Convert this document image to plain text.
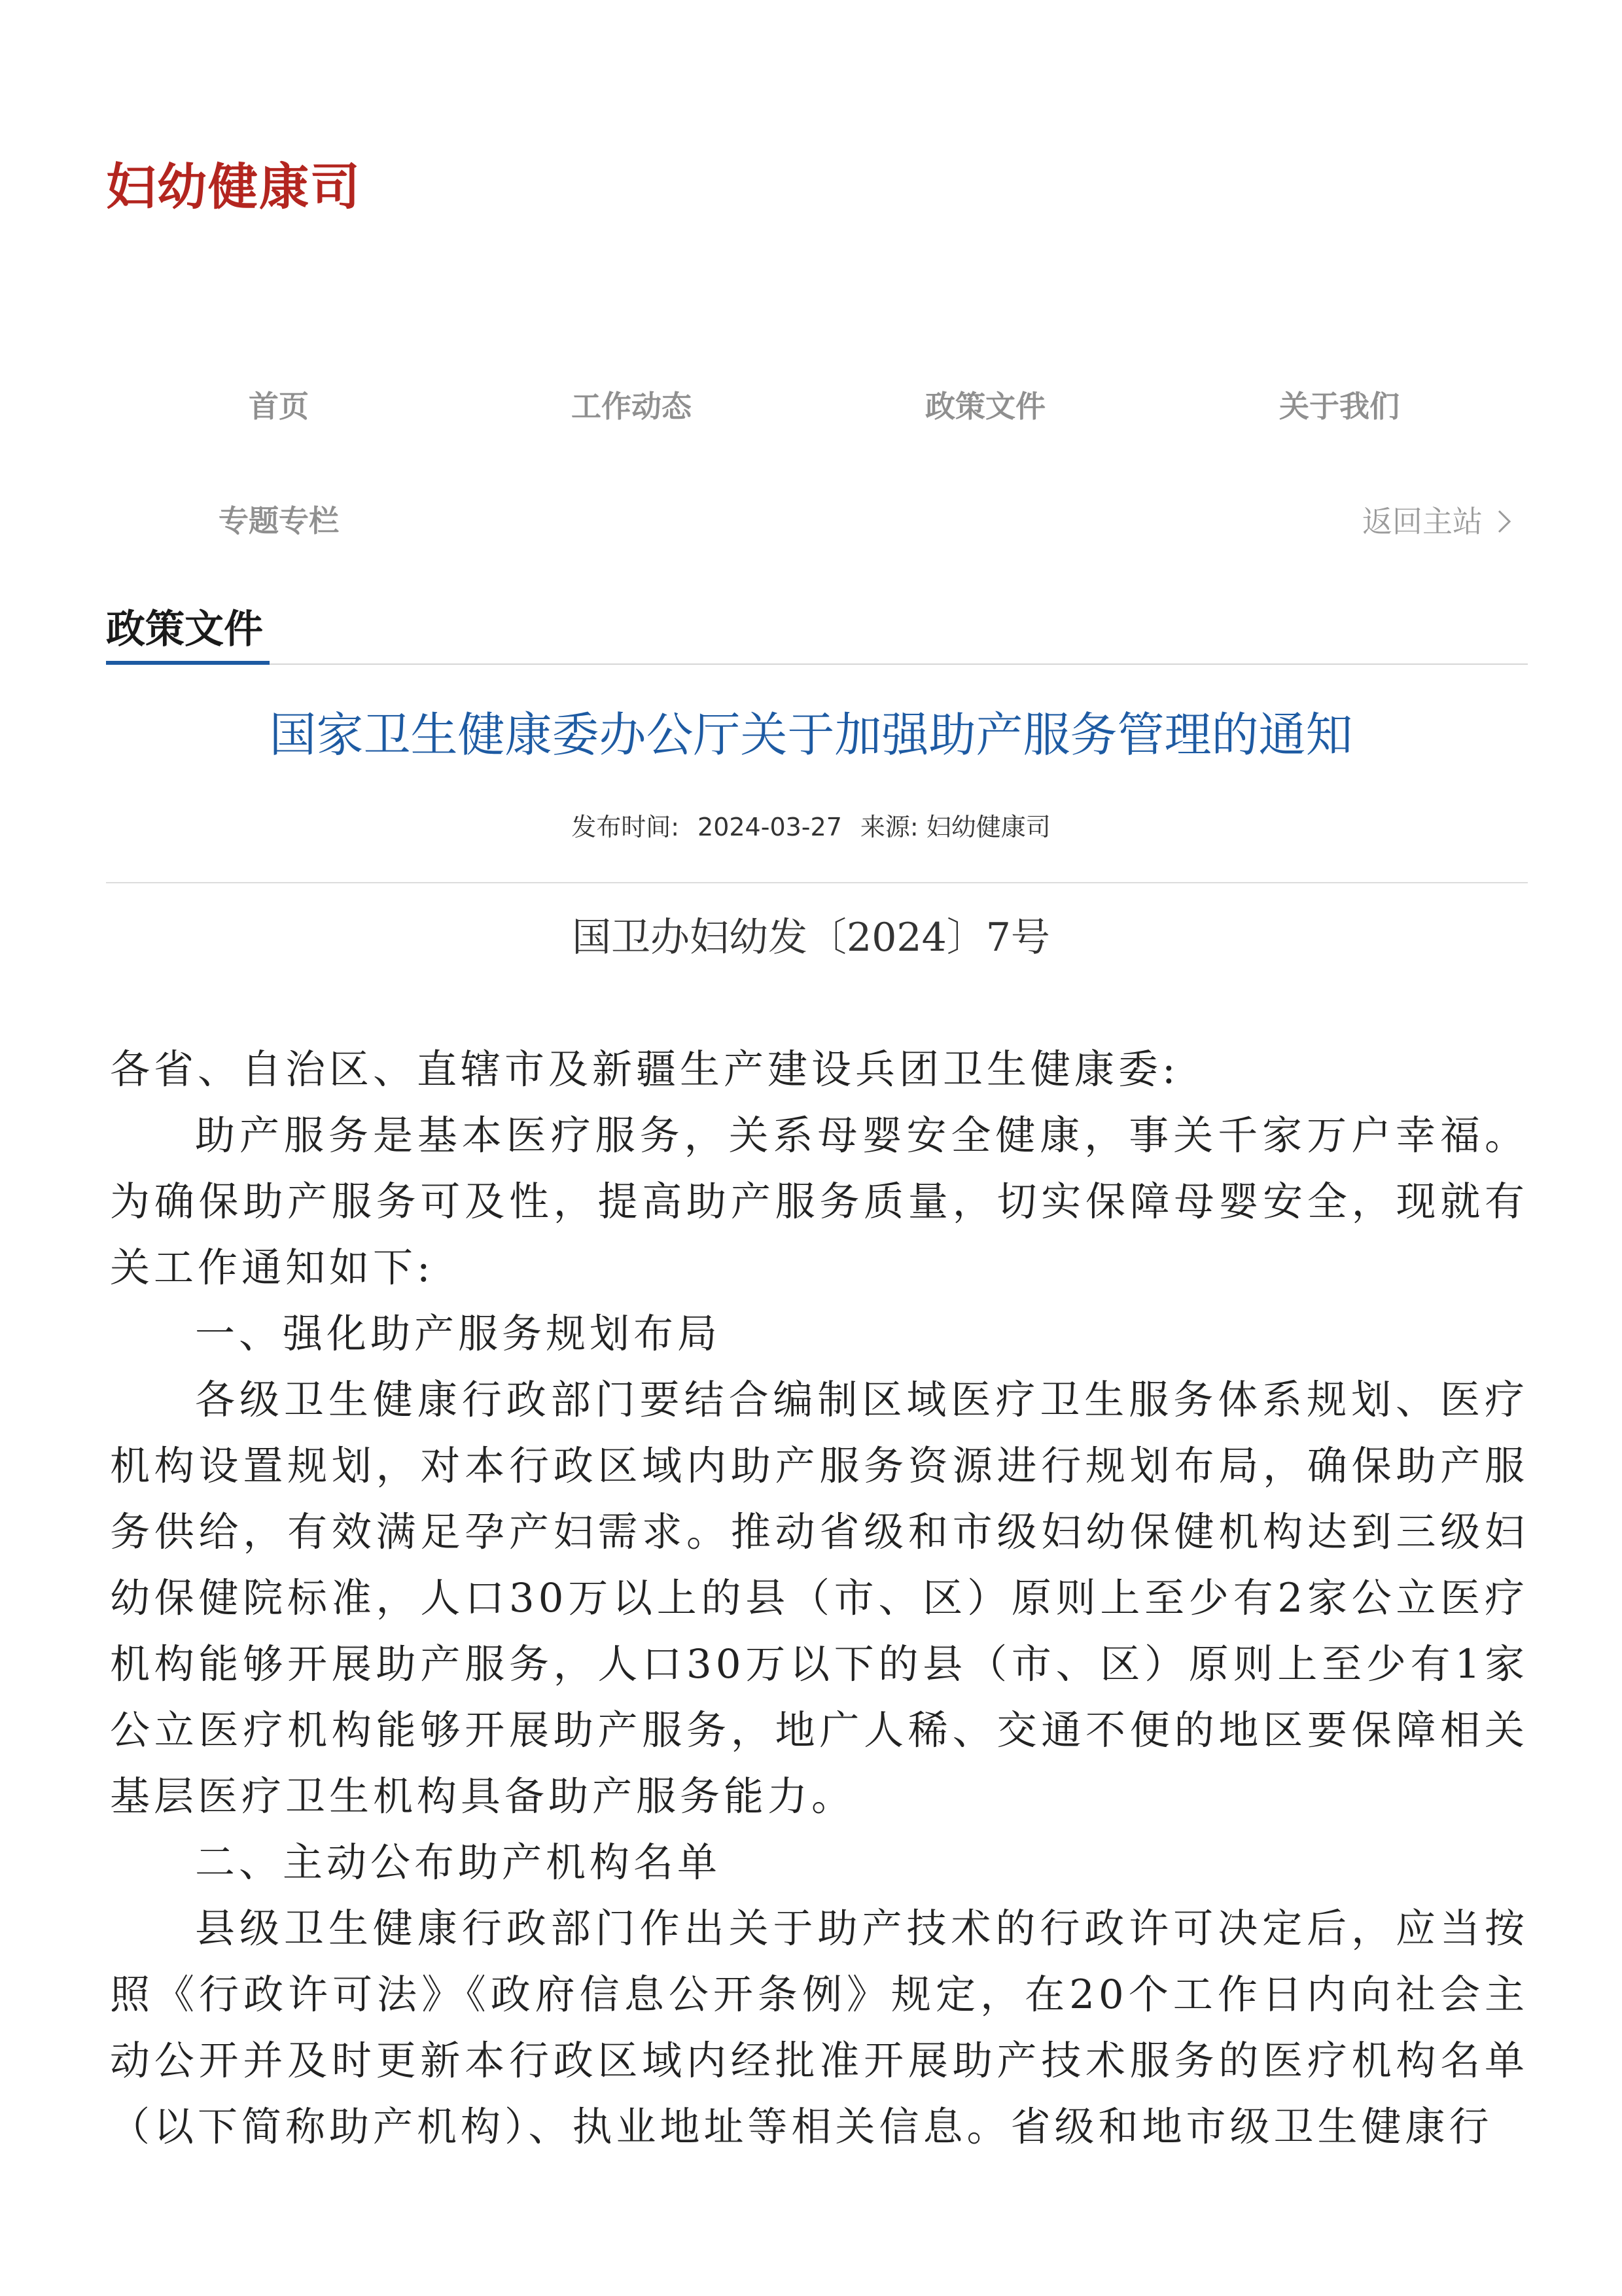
妇幼健康司
首页	工作动态	政策文件	关于我们
专题专栏	返回主站
政策文件
国家卫生健康委办公厅关于加强助产服务管理的通知
发布时间: 2024-03-27 来源: 妇幼健康司
国卫办妇幼发〔2024〕7号

各省、自治区、直辖市及新疆生产建设兵团卫生健康委:

助产服务是基本医疗服务，关系母婴安全健康，事关千家万户幸福。为确保助产服务可及性，提高助产服务质量，切实保障母婴安全，现就有关工作通知如下:

一、强化助产服务规划布局

各级卫生健康行政部门要结合编制区域医疗卫生服务体系规划、医疗机构设置规划，对本行政区域内助产服务资源进行规划布局，确保助产服务供给，有效满足孕产妇需求。推动省级和市级妇幼保健机构达到三级妇幼保健院标准，人口30万以上的县（市、区）原则上至少有2家公立医疗机构能够开展助产服务，人口30万以下的县（市、区）原则上至少有1家公立医疗机构能够开展助产服务，地广人稀、交通不便的地区要保障相关基层医疗卫生机构具备助产服务能力。

二、主动公布助产机构名单

县级卫生健康行政部门作出关于助产技术的行政许可决定后，应当按照《行政许可法》《政府信息公开条例》规定，在20个工作日内向社会主动公开并及时更新本行政区域内经批准开展助产技术服务的医疗机构名单（以下简称助产机构）、执业地址等相关信息。省级和地市级卫生健康行
